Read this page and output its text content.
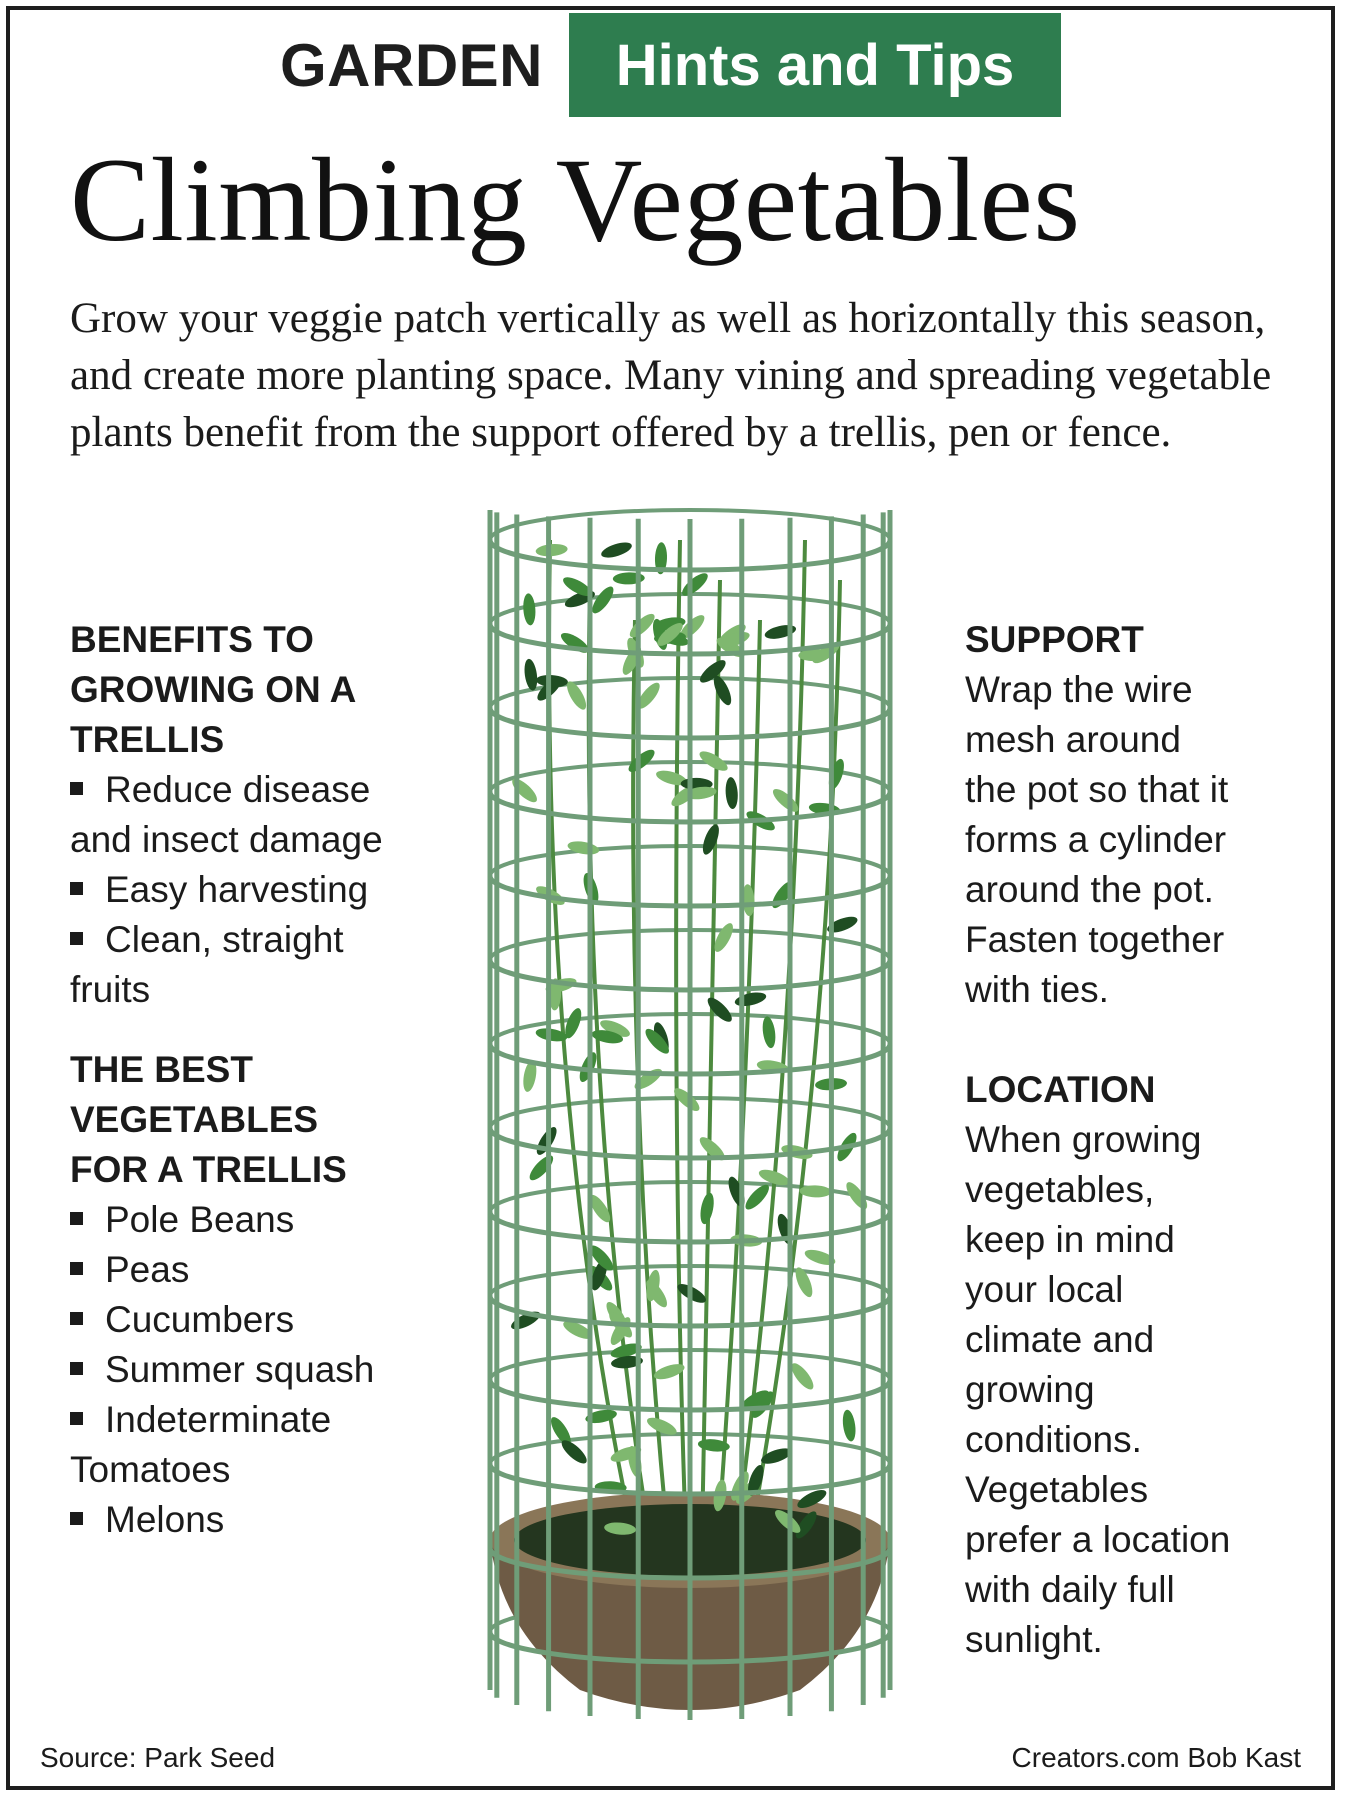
GARDEN	Hints and Tips
Climbing Vegetables

Grow your veggie patch vertically as well as horizontally this season, and create more planting space. Many vining and spreading vegetable plants benefit from the support offered by a trellis, pen or fence.

BENEFITS TO
GROWING ON A
TRELLIS
Reduce disease
and insect damage
Easy harvesting
Clean, straight
fruits
THE BEST
VEGETABLES
FOR A TRELLIS
Pole Beans
Peas
Cucumbers
Summer squash
Indeterminate
Tomatoes
Melons
SUPPORT

Wrap the wire
mesh around
the pot so that it
forms a cylinder
around the pot.
Fasten together
with ties.

LOCATION

When growing
vegetables,
keep in mind
your local
climate and
growing
conditions.
Vegetables
prefer a location
with daily full
sunlight.

Source: Park Seed	Creators.com Bob Kast
